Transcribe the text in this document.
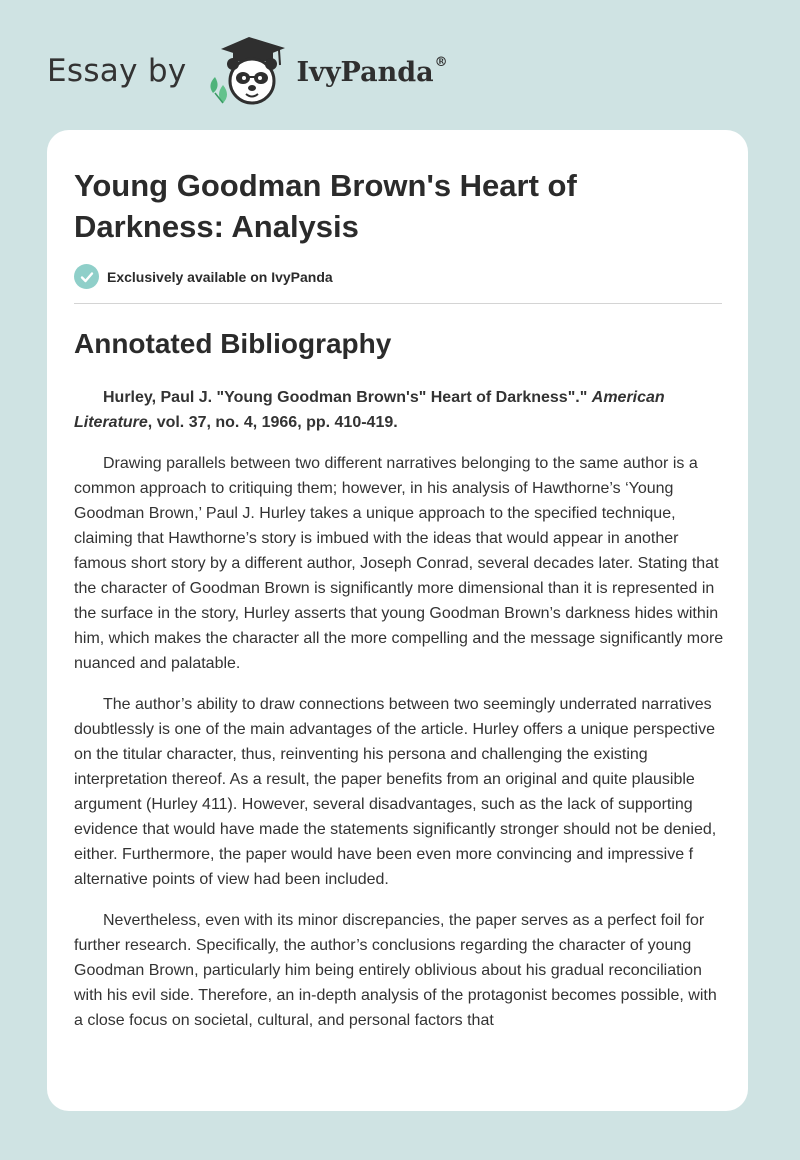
Essay by	IvyPanda®
Young Goodman Brown's Heart of Darkness: Analysis
Exclusively available on IvyPanda
Annotated Bibliography

Hurley, Paul J. "Young Goodman Brown's" Heart of Darkness"." American Literature, vol. 37, no. 4, 1966, pp. 410-419.

Drawing parallels between two different narratives belonging to the same author is a common approach to critiquing them; however, in his analysis of Hawthorne’s ‘Young Goodman Brown,’ Paul J. Hurley takes a unique approach to the specified technique, claiming that Hawthorne’s story is imbued with the ideas that would appear in another famous short story by a different author, Joseph Conrad, several decades later. Stating that the character of Goodman Brown is significantly more dimensional than it is represented in the surface in the story, Hurley asserts that young Goodman Brown’s darkness hides within him, which makes the character all the more compelling and the message significantly more nuanced and palatable.

The author’s ability to draw connections between two seemingly underrated narratives doubtlessly is one of the main advantages of the article. Hurley offers a unique perspective on the titular character, thus, reinventing his persona and challenging the existing interpretation thereof. As a result, the paper benefits from an original and quite plausible argument (Hurley 411). However, several disadvantages, such as the lack of supporting evidence that would have made the statements significantly stronger should not be denied, either. Furthermore, the paper would have been even more convincing and impressive f alternative points of view had been included.

Nevertheless, even with its minor discrepancies, the paper serves as a perfect foil for further research. Specifically, the author’s conclusions regarding the character of young Goodman Brown, particularly him being entirely oblivious about his gradual reconciliation with his evil side. Therefore, an in-depth analysis of the protagonist becomes possible, with a close focus on societal, cultural, and personal factors that
